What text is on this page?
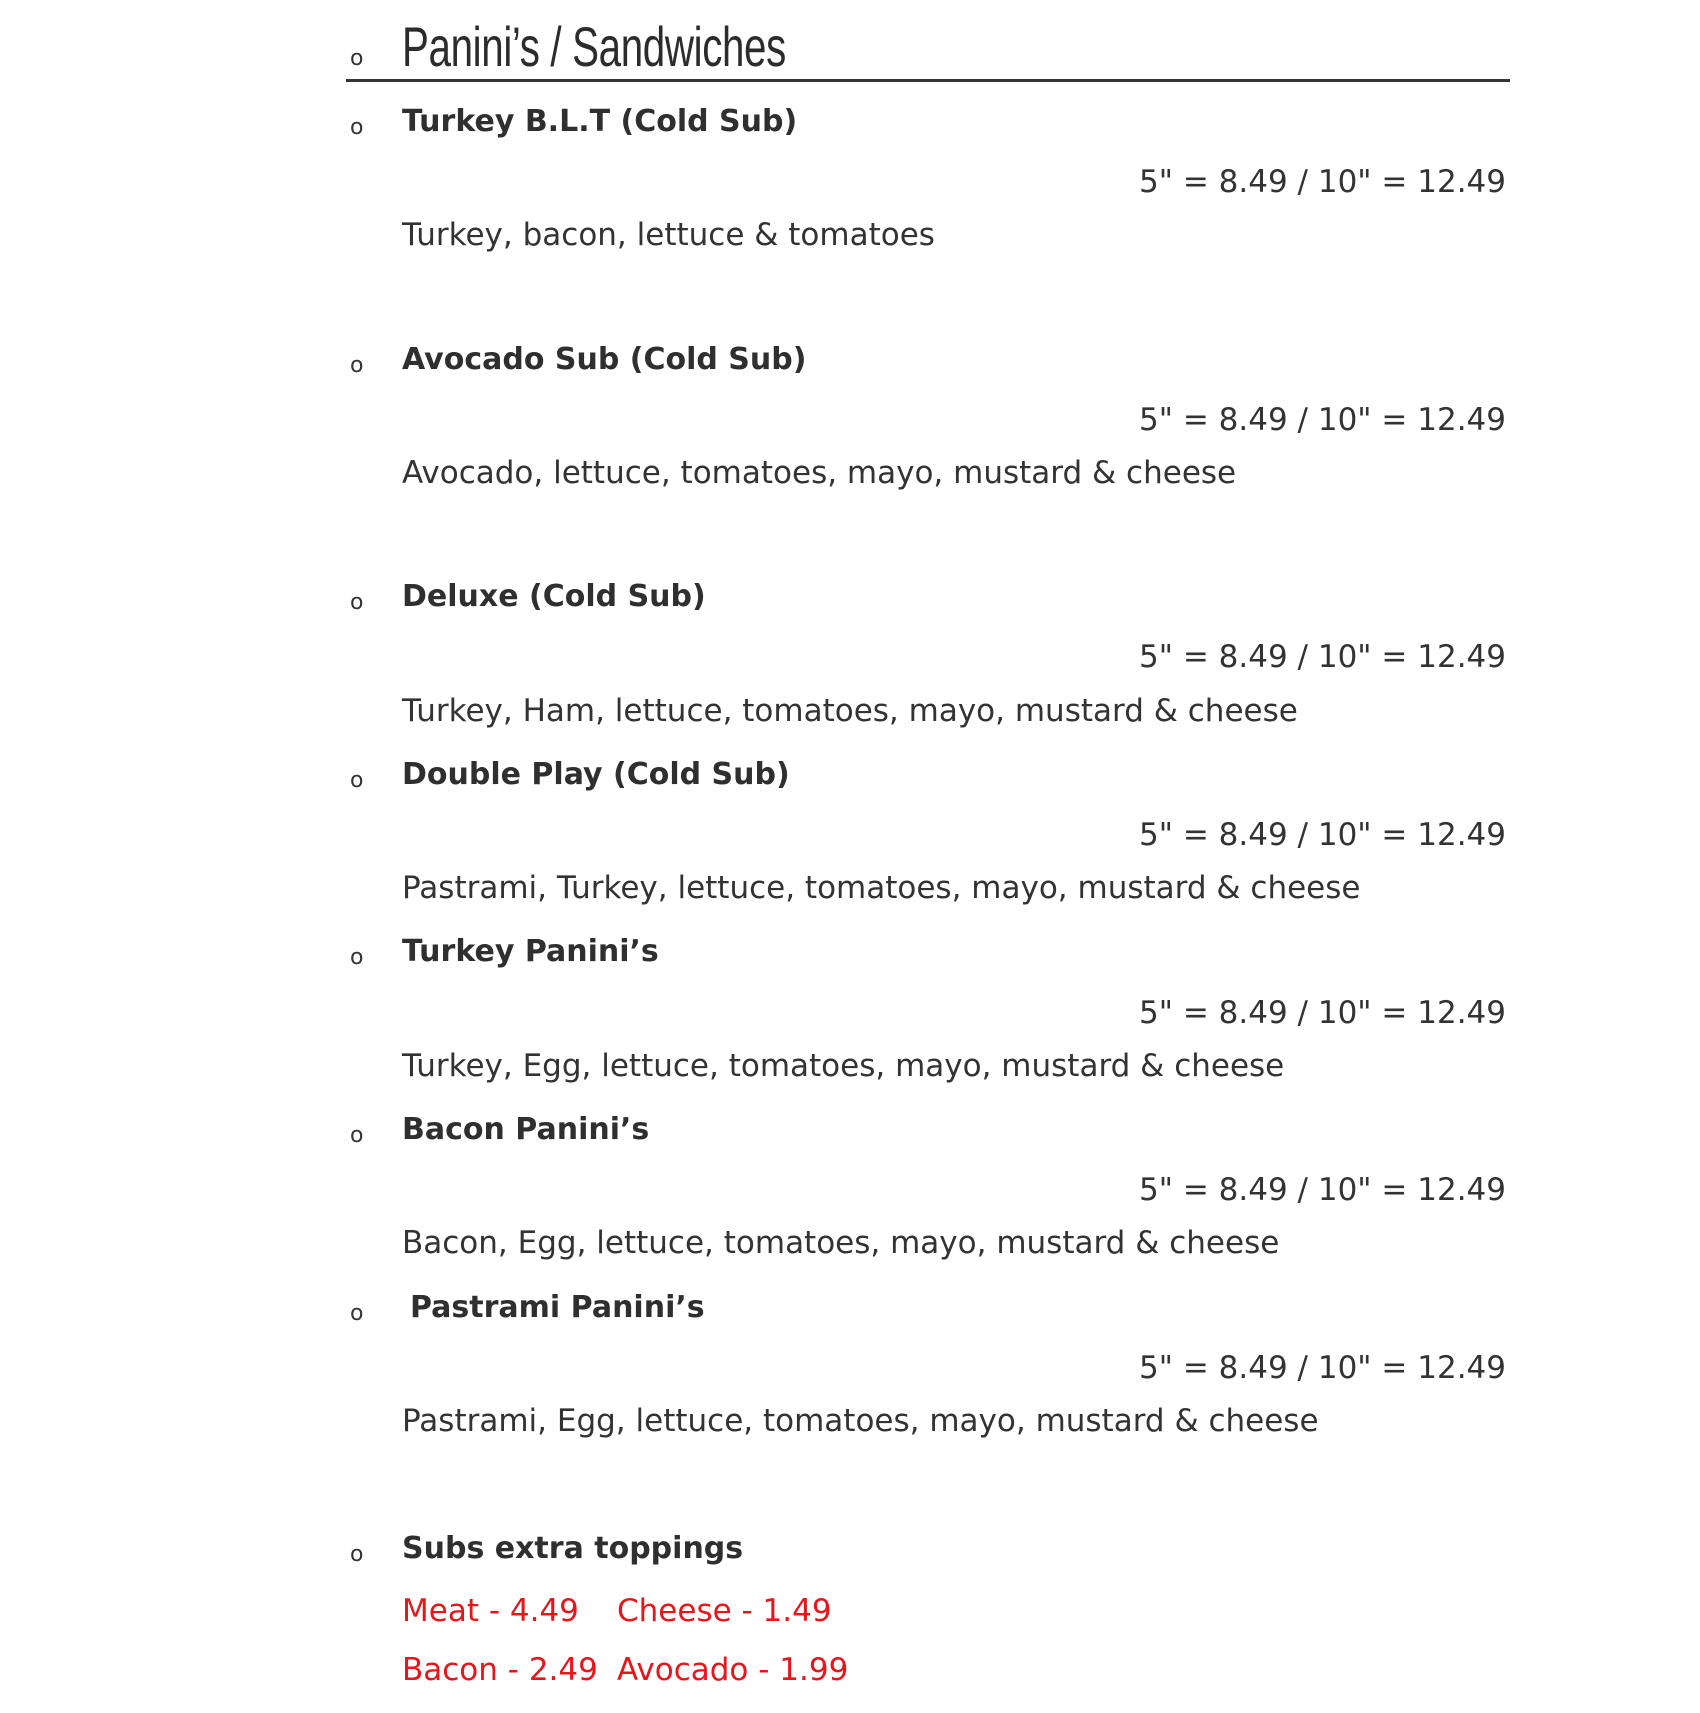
o Panini’s / Sandwiches
o Turkey B.L.T (Cold Sub)
5" = 8.49 / 10" = 12.49
Turkey, bacon, lettuce & tomatoes
o Avocado Sub (Cold Sub)
5" = 8.49 / 10" = 12.49
Avocado, lettuce, tomatoes, mayo, mustard & cheese
o Deluxe (Cold Sub)
5" = 8.49 / 10" = 12.49
Turkey, Ham, lettuce, tomatoes, mayo, mustard & cheese
o Double Play (Cold Sub)
5" = 8.49 / 10" = 12.49
Pastrami, Turkey, lettuce, tomatoes, mayo, mustard & cheese
o Turkey Panini’s
5" = 8.49 / 10" = 12.49
Turkey, Egg, lettuce, tomatoes, mayo, mustard & cheese
o Bacon Panini’s
5" = 8.49 / 10" = 12.49
Bacon, Egg, lettuce, tomatoes, mayo, mustard & cheese
o Pastrami Panini’s
5" = 8.49 / 10" = 12.49
Pastrami, Egg, lettuce, tomatoes, mayo, mustard & cheese
o Subs extra toppings
Meat - 4.49 Cheese - 1.49
Bacon - 2.49 Avocado - 1.99
